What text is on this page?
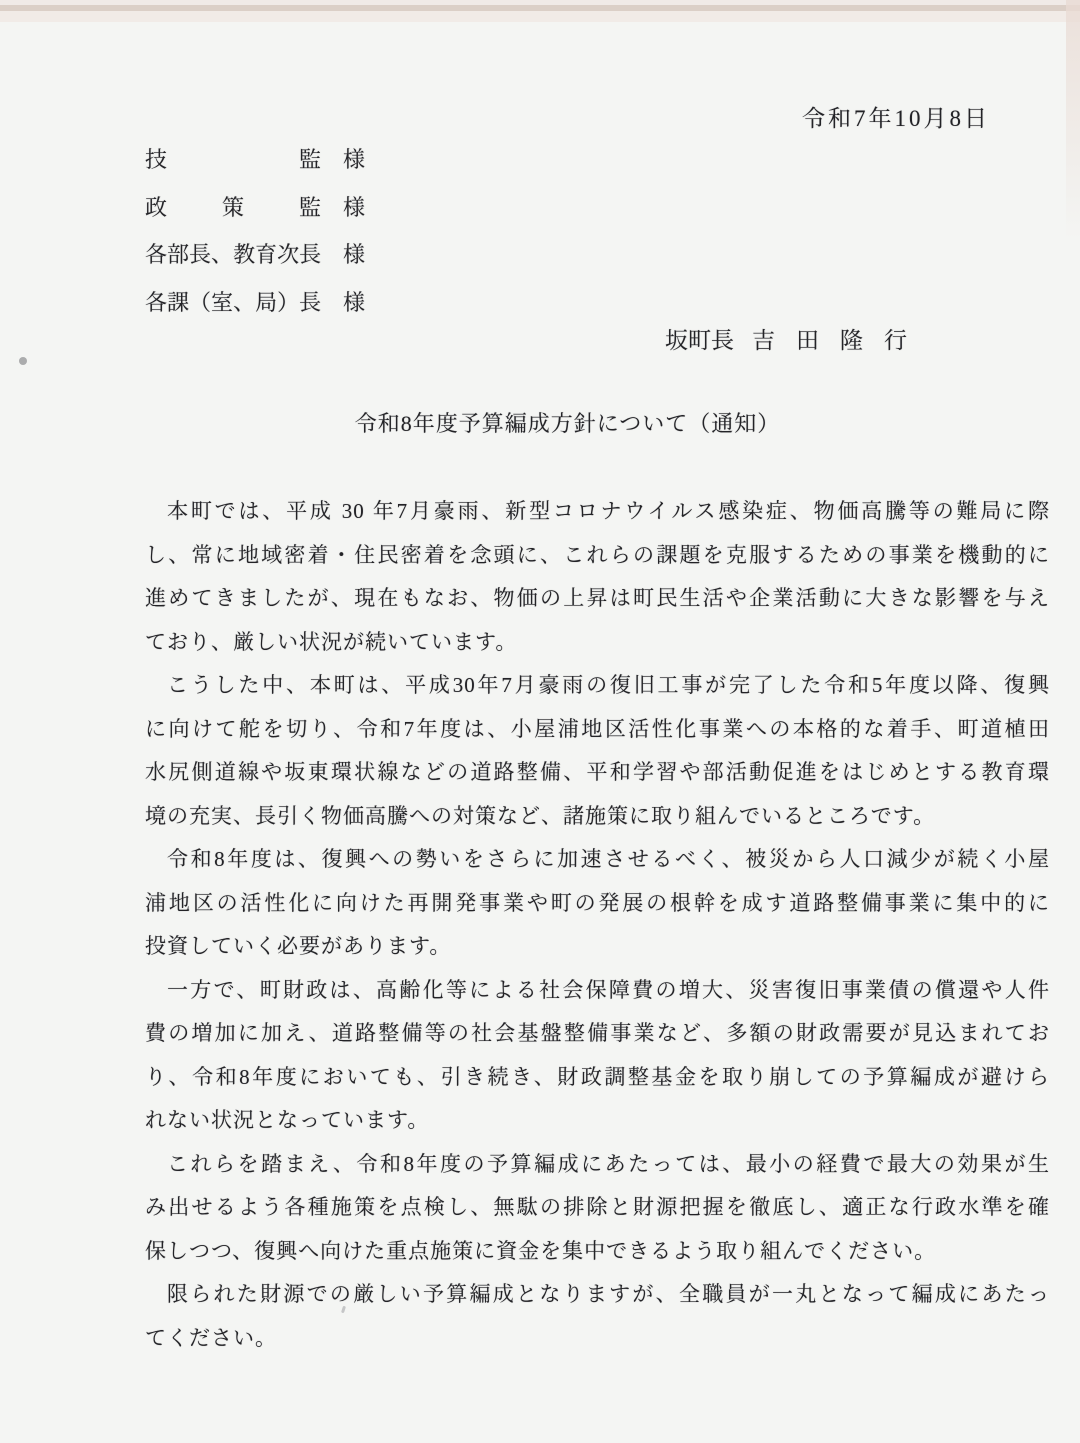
令和7年10月8日
技	監 様
政 策 監 様
各 部 長 、 教 育 次 長 様
各 課 （ 室 、 局 ） 長 様
坂町長 吉 田 隆 行
令和8年度予算編成方針について（通知）
本町では、平成 30 年7月豪雨、新型コロナウイルス感染症、物価高騰等の難局に際
し、常に地域密着・住民密着を念頭に、これらの課題を克服するための事業を機動的に
進めてきましたが、現在もなお、物価の上昇は町民生活や企業活動に大きな影響を与え
ており、厳しい状況が続いています。
こうした中、本町は、平成30年7月豪雨の復旧工事が完了した令和5年度以降、復興
に向けて舵を切り、令和7年度は、小屋浦地区活性化事業への本格的な着手、町道植田
水尻側道線や坂東環状線などの道路整備、平和学習や部活動促進をはじめとする教育環
境の充実、長引く物価高騰への対策など、諸施策に取り組んでいるところです。
令和8年度は、復興への勢いをさらに加速させるべく、被災から人口減少が続く小屋
浦地区の活性化に向けた再開発事業や町の発展の根幹を成す道路整備事業に集中的に
投資していく必要があります。
一方で、町財政は、高齢化等による社会保障費の増大、災害復旧事業債の償還や人件
費の増加に加え、道路整備等の社会基盤整備事業など、多額の財政需要が見込まれてお
り、令和8年度においても、引き続き、財政調整基金を取り崩しての予算編成が避けら
れない状況となっています。
これらを踏まえ、令和8年度の予算編成にあたっては、最小の経費で最大の効果が生
み出せるよう各種施策を点検し、無駄の排除と財源把握を徹底し、適正な行政水準を確
保しつつ、復興へ向けた重点施策に資金を集中できるよう取り組んでください。
限られた財源での厳しい予算編成となりますが、全職員が一丸となって編成にあたっ
てください。
